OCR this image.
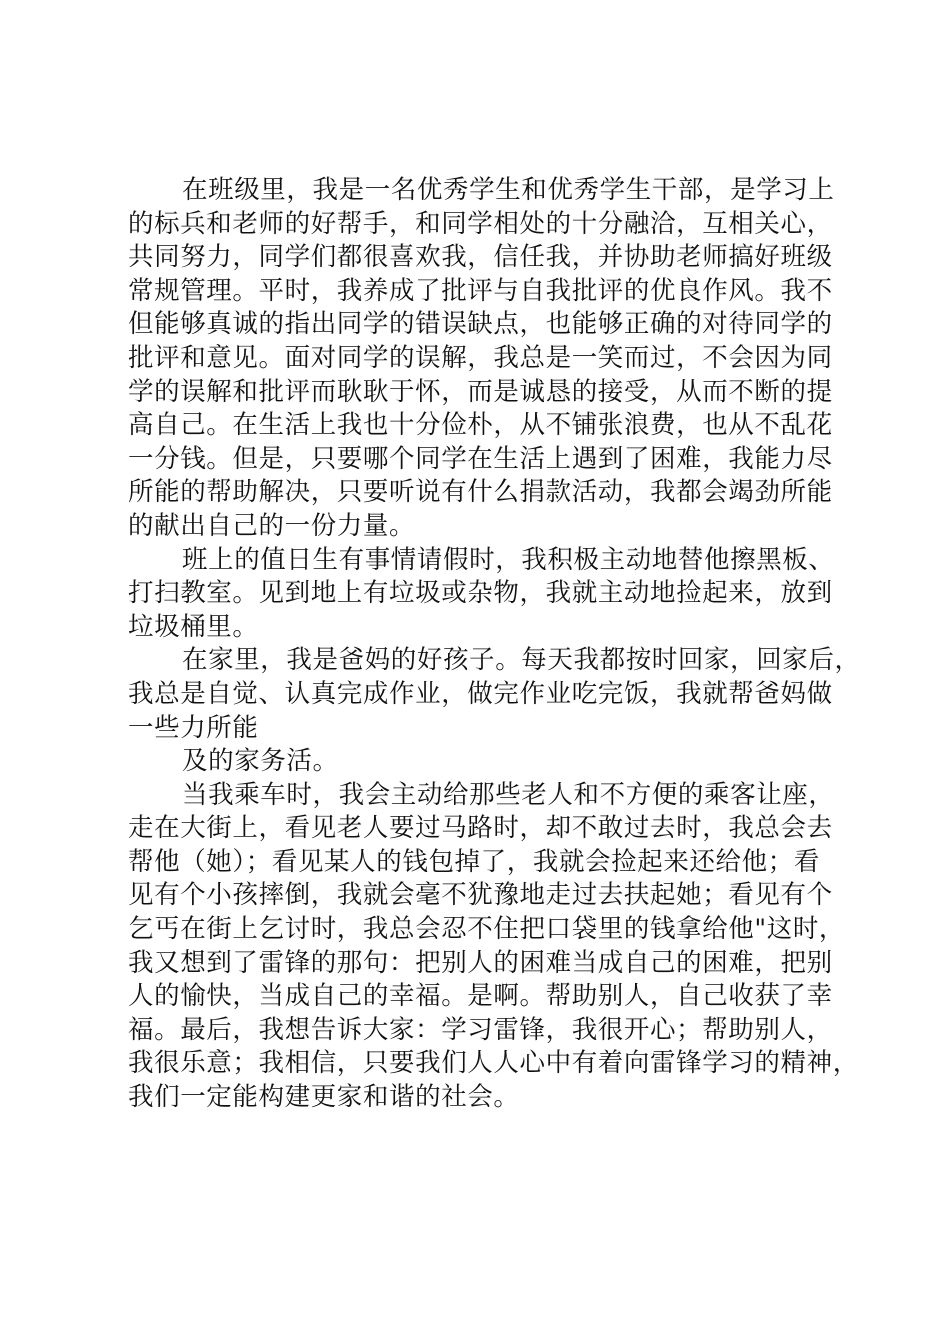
在班级里，我是一名优秀学生和优秀学生干部，是学习上

的标兵和老师的好帮手，和同学相处的十分融洽，互相关心，

共同努力，同学们都很喜欢我，信任我，并协助老师搞好班级

常规管理。平时，我养成了批评与自我批评的优良作风。我不

但能够真诚的指出同学的错误缺点，也能够正确的对待同学的

批评和意见。面对同学的误解，我总是一笑而过，不会因为同

学的误解和批评而耿耿于怀，而是诚恳的接受，从而不断的提

高自己。在生活上我也十分俭朴，从不铺张浪费，也从不乱花

一分钱。但是，只要哪个同学在生活上遇到了困难，我能力尽

所能的帮助解决，只要听说有什么捐款活动，我都会竭劲所能

的献出自己的一份力量。

班上的值日生有事情请假时，我积极主动地替他擦黑板、

打扫教室。见到地上有垃圾或杂物，我就主动地捡起来，放到

垃圾桶里。

在家里，我是爸妈的好孩子。每天我都按时回家，回家后，

我总是自觉、认真完成作业，做完作业吃完饭，我就帮爸妈做

一些力所能

及的家务活。

当我乘车时，我会主动给那些老人和不方便的乘客让座，

走在大街上，看见老人要过马路时，却不敢过去时，我总会去

帮他（她）；看见某人的钱包掉了，我就会捡起来还给他；看

见有个小孩摔倒，我就会毫不犹豫地走过去扶起她；看见有个

乞丐在街上乞讨时，我总会忍不住把口袋里的钱拿给他"这时，

我又想到了雷锋的那句：把别人的困难当成自己的困难，把别

人的愉快，当成自己的幸福。是啊。帮助别人，自己收获了幸

福。最后，我想告诉大家：学习雷锋，我很开心；帮助别人，

我很乐意；我相信，只要我们人人心中有着向雷锋学习的精神，

我们一定能构建更家和谐的社会。
